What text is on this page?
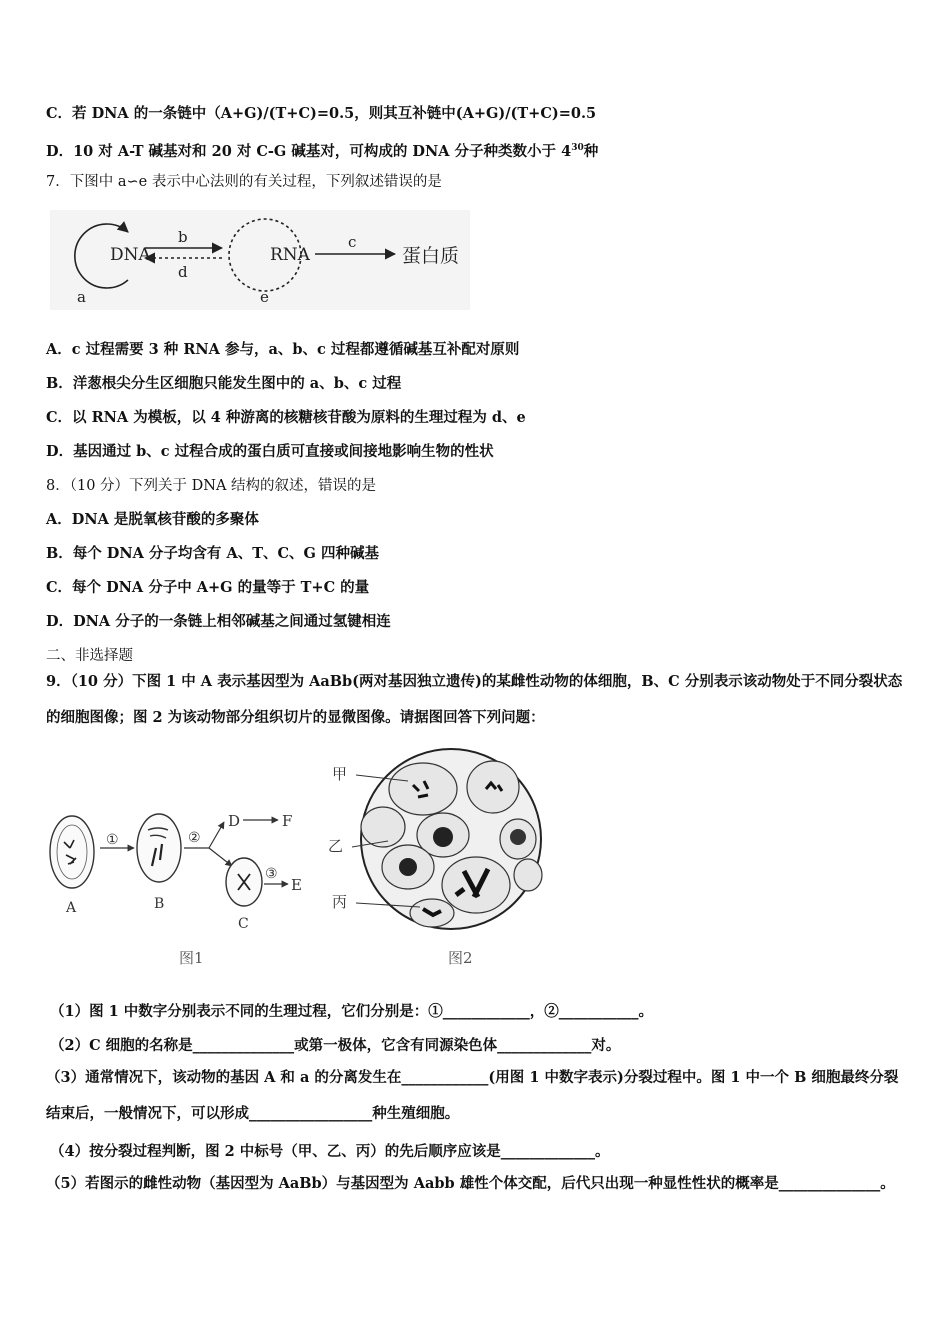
C．若 DNA 的一条链中（A+G)/(T+C)=0.5，则其互补链中(A+G)/(T+C)=0.5
D．10 对 A-T 碱基对和 20 对 C-G 碱基对，可构成的 DNA 分子种类数小于 $4^{30}$种
7．下图中 a∽e 表示中心法则的有关过程，下列叙述错误的是
DNA
b
d
RNA
c
蛋白质
a	e
A．c 过程需要 3 种 RNA 参与，a、b、c 过程都遵循碱基互补配对原则
B．洋葱根尖分生区细胞只能发生图中的 a、b、c 过程
C．以 RNA 为模板，以 4 种游离的核糖核苷酸为原料的生理过程为 d、e
D．基因通过 b、c 过程合成的蛋白质可直接或间接地影响生物的性状
8．（10 分）下列关于 DNA 结构的叙述，错误的是
A．DNA 是脱氧核苷酸的多聚体
B．每个 DNA 分子均含有 A、T、C、G 四种碱基
C．每个 DNA 分子中 A+G 的量等于 T+C 的量
D．DNA 分子的一条链上相邻碱基之间通过氢键相连
二、非选择题
9．（10 分）下图 1 中 A 表示基因型为 AaBb(两对基因独立遗传)的某雌性动物的体细胞，B、C 分别表示该动物处于不同分裂状态的细胞图像；图 2 为该动物部分组织切片的显微图像。请据图回答下列问题：
A
①
B
②
D	F
C
③
E
图1
甲
乙
丙
图2
（1）图 1 中数字分别表示不同的生理过程，它们分别是：①____________，②___________。
（2）C 细胞的名称是______________或第一极体，它含有同源染色体_____________对。
（3）通常情况下，该动物的基因 A 和 a 的分离发生在____________(用图 1 中数字表示)分裂过程中。图 1 中一个 B 细胞最终分裂结束后，一般情况下，可以形成_________________种生殖细胞。
（4）按分裂过程判断，图 2 中标号（甲、乙、丙）的先后顺序应该是_____________。
（5）若图示的雌性动物（基因型为 AaBb）与基因型为 Aabb 雄性个体交配，后代只出现一种显性性状的概率是______________。
